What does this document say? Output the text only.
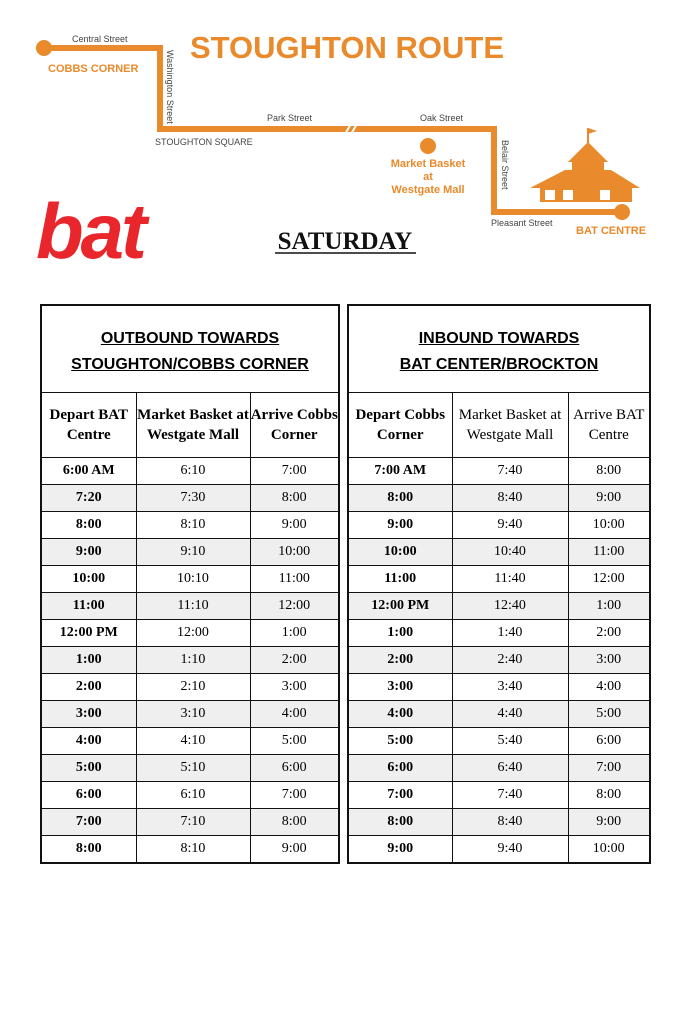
STOUGHTON ROUTE
Central Street
Washington Street	Park Street	Oak Street
Belair Street
Pleasant Street
COBBS CORNER
STOUGHTON SQUARE
Market Basket
at
Westgate Mall
BAT CENTRE
bat	SATURDAY
OUTBOUND TOWARDS
STOUGHTON/COBBS CORNER		

Depart BAT Centre	Market Basket at Westgate Mall	Arrive Cobbs Corner
6:00 AM	6:10	7:00
7:20	7:30	8:00
8:00	8:10	9:00
9:00	9:10	10:00
10:00	10:10	11:00
11:00	11:10	12:00
12:00 PM	12:00	1:00
1:00	1:10	2:00
2:00	2:10	3:00
3:00	3:10	4:00
4:00	4:10	5:00
5:00	5:10	6:00
6:00	6:10	7:00
7:00	7:10	8:00
8:00	8:10	9:00
INBOUND TOWARDS
BAT CENTER/BROCKTON		

Depart Cobbs Corner	Market Basket at Westgate Mall	Arrive BAT Centre
7:00 AM	7:40	8:00
8:00	8:40	9:00
9:00	9:40	10:00
10:00	10:40	11:00
11:00	11:40	12:00
12:00 PM	12:40	1:00
1:00	1:40	2:00
2:00	2:40	3:00
3:00	3:40	4:00
4:00	4:40	5:00
5:00	5:40	6:00
6:00	6:40	7:00
7:00	7:40	8:00
8:00	8:40	9:00
9:00	9:40	10:00
